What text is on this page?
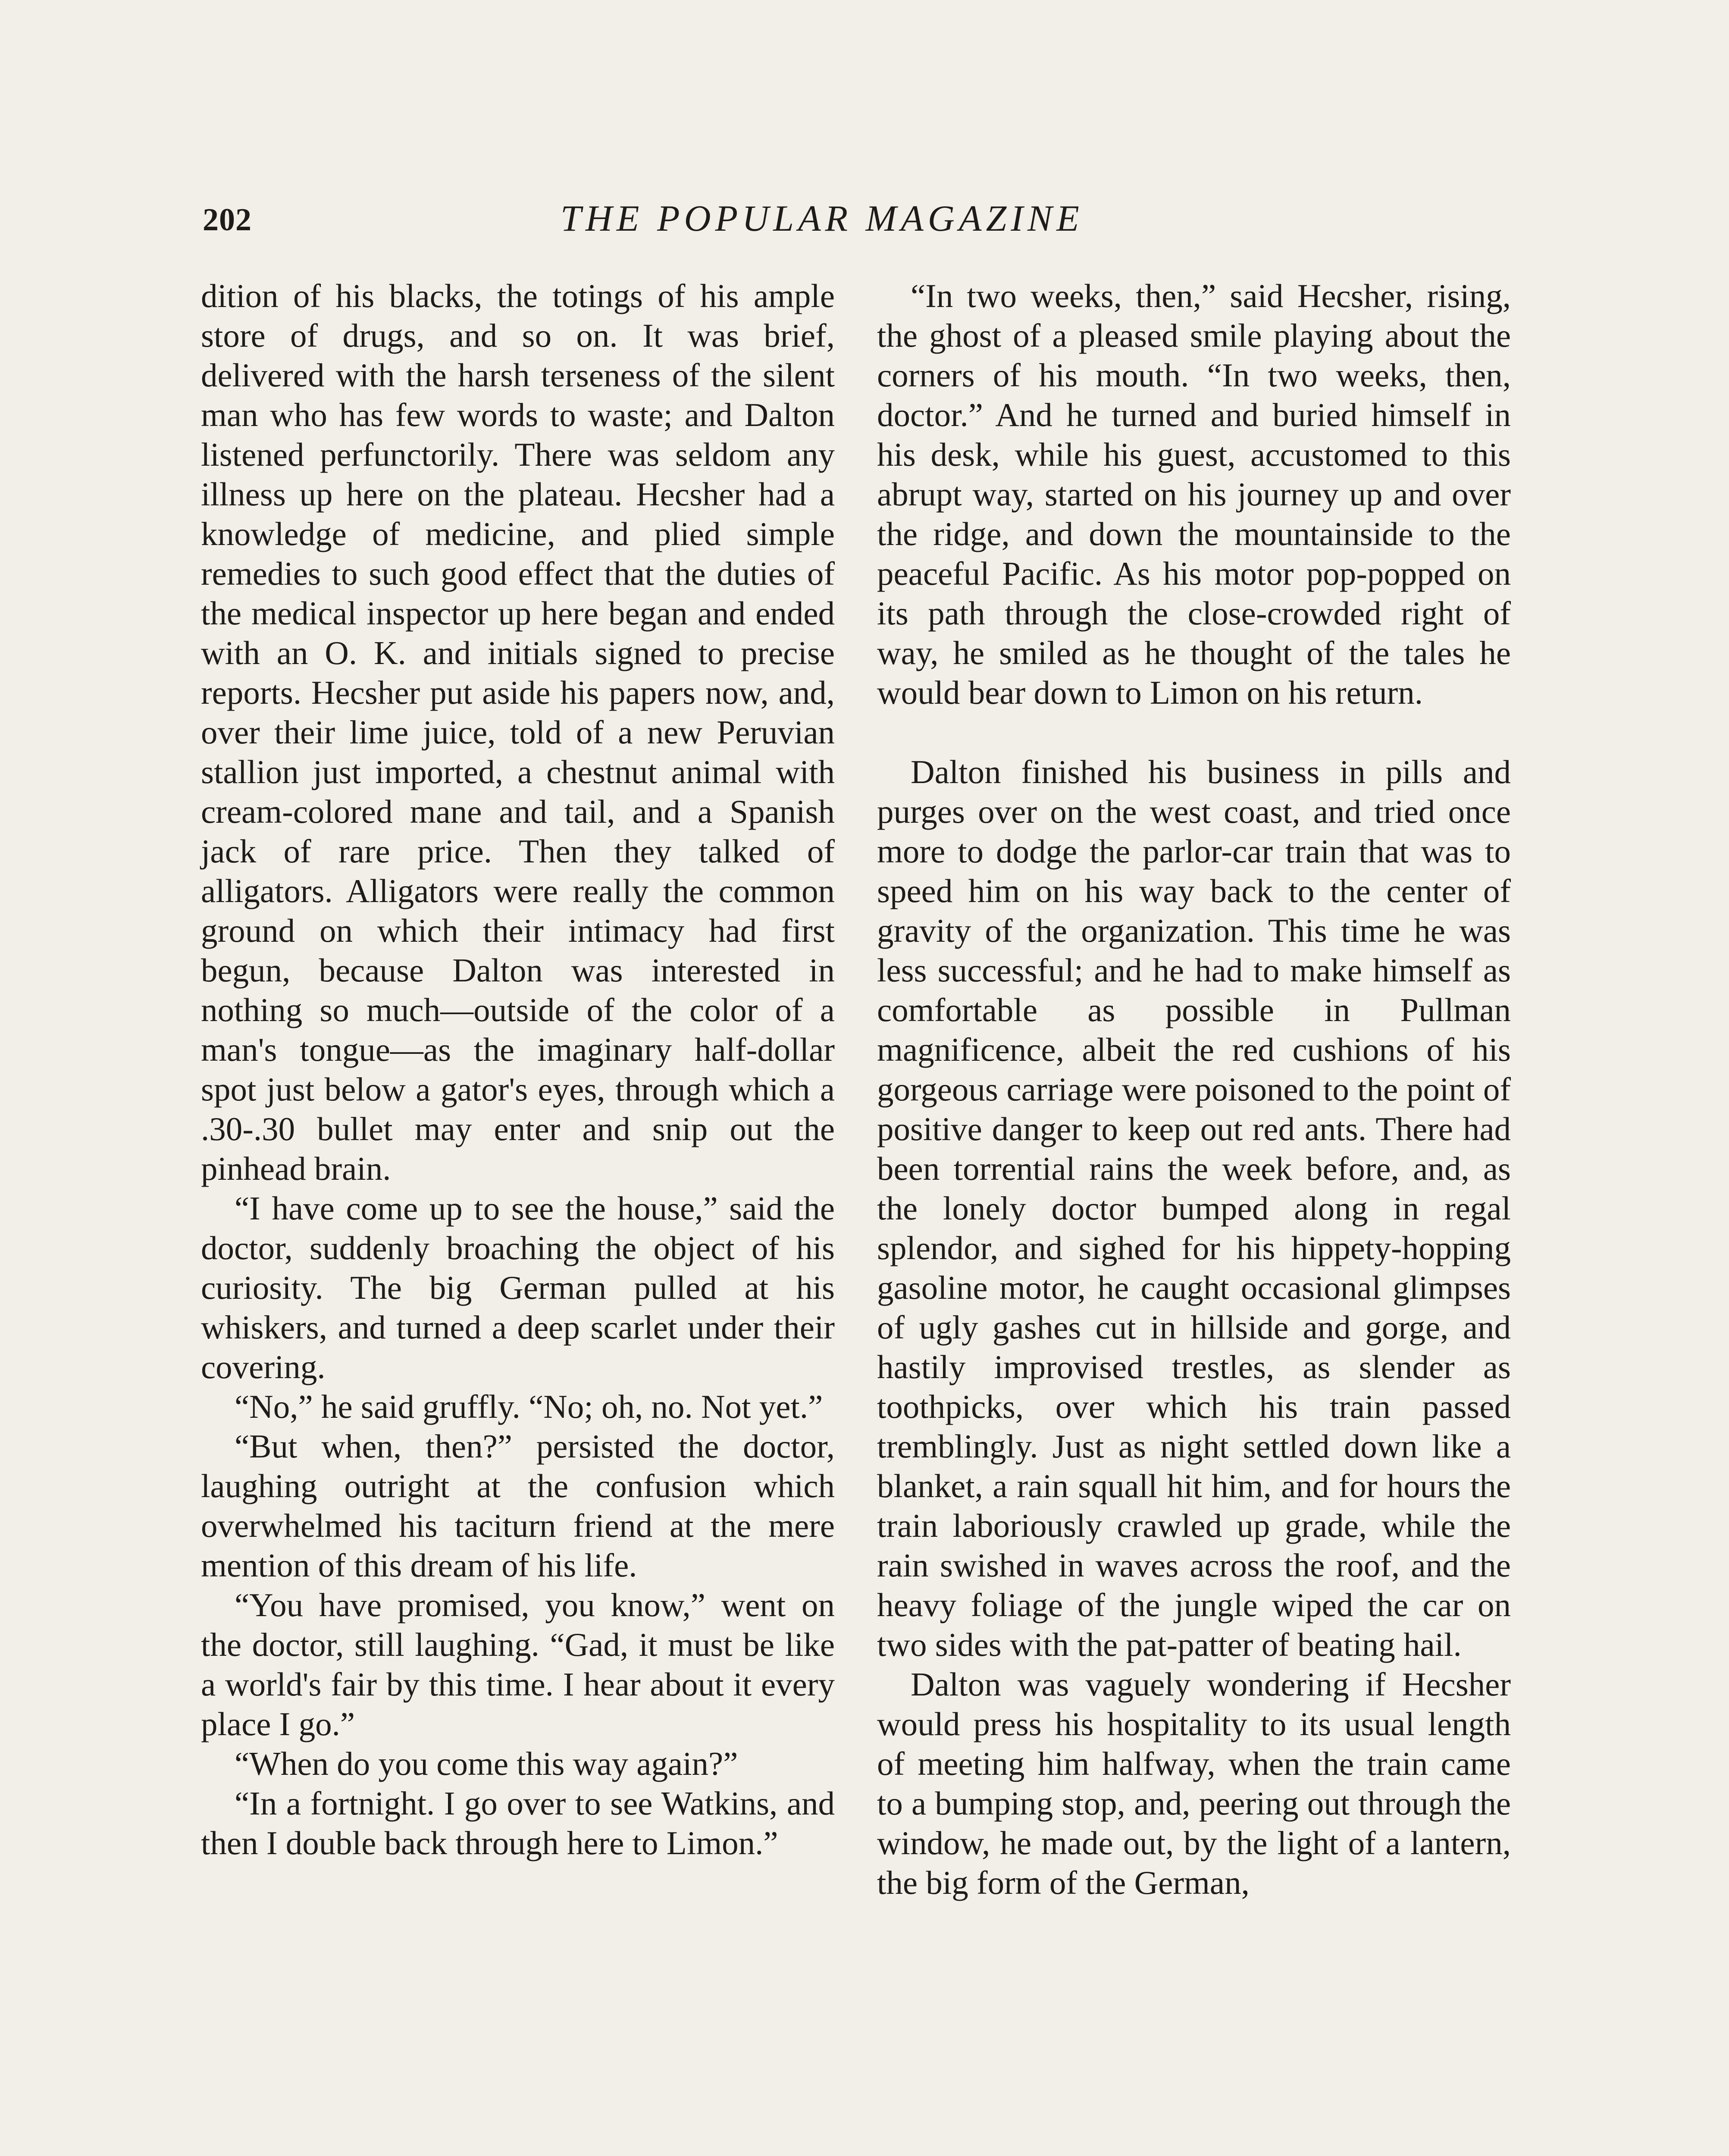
202	THE POPULAR MAGAZINE

dition of his blacks, the totings of his ample store of drugs, and so on. It was brief, delivered with the harsh terseness of the silent man who has few words to waste; and Dalton listened perfunctorily. There was seldom any illness up here on the plateau. Hecsher had a knowledge of medicine, and plied simple remedies to such good effect that the duties of the medical inspector up here began and ended with an O. K. and initials signed to precise reports. Hecsher put aside his papers now, and, over their lime juice, told of a new Peruvian stallion just imported, a chestnut animal with cream-colored mane and tail, and a Spanish jack of rare price. Then they talked of alligators. Alligators were really the common ground on which their intimacy had first begun, because Dalton was interested in nothing so much—outside of the color of a man's tongue—as the imaginary half-dollar spot just below a gator's eyes, through which a .30-.30 bullet may enter and snip out the pinhead brain.

“I have come up to see the house,” said the doctor, suddenly broaching the object of his curiosity. The big German pulled at his whiskers, and turned a deep scarlet under their covering.

“No,” he said gruffly. “No; oh, no. Not yet.”

“But when, then?” persisted the doctor, laughing outright at the confusion which overwhelmed his taciturn friend at the mere mention of this dream of his life.

“You have promised, you know,” went on the doctor, still laughing. “Gad, it must be like a world's fair by this time. I hear about it every place I go.”

“When do you come this way again?”

“In a fortnight. I go over to see Watkins, and then I double back through here to Limon.”

“In two weeks, then,” said Hecsher, rising, the ghost of a pleased smile playing about the corners of his mouth. “In two weeks, then, doctor.” And he turned and buried himself in his desk, while his guest, accustomed to this abrupt way, started on his journey up and over the ridge, and down the mountainside to the peaceful Pacific. As his motor pop-popped on its path through the close-crowded right of way, he smiled as he thought of the tales he would bear down to Limon on his return.

Dalton finished his business in pills and purges over on the west coast, and tried once more to dodge the parlor-car train that was to speed him on his way back to the center of gravity of the organization. This time he was less successful; and he had to make himself as comfortable as possible in Pullman magnificence, albeit the red cushions of his gorgeous carriage were poisoned to the point of positive danger to keep out red ants. There had been torrential rains the week before, and, as the lonely doctor bumped along in regal splendor, and sighed for his hippety-hopping gasoline motor, he caught occasional glimpses of ugly gashes cut in hillside and gorge, and hastily improvised trestles, as slender as toothpicks, over which his train passed tremblingly. Just as night settled down like a blanket, a rain squall hit him, and for hours the train laboriously crawled up grade, while the rain swished in waves across the roof, and the heavy foliage of the jungle wiped the car on two sides with the pat-patter of beating hail.

Dalton was vaguely wondering if Hecsher would press his hospitality to its usual length of meeting him halfway, when the train came to a bumping stop, and, peering out through the window, he made out, by the light of a lantern, the big form of the German,
